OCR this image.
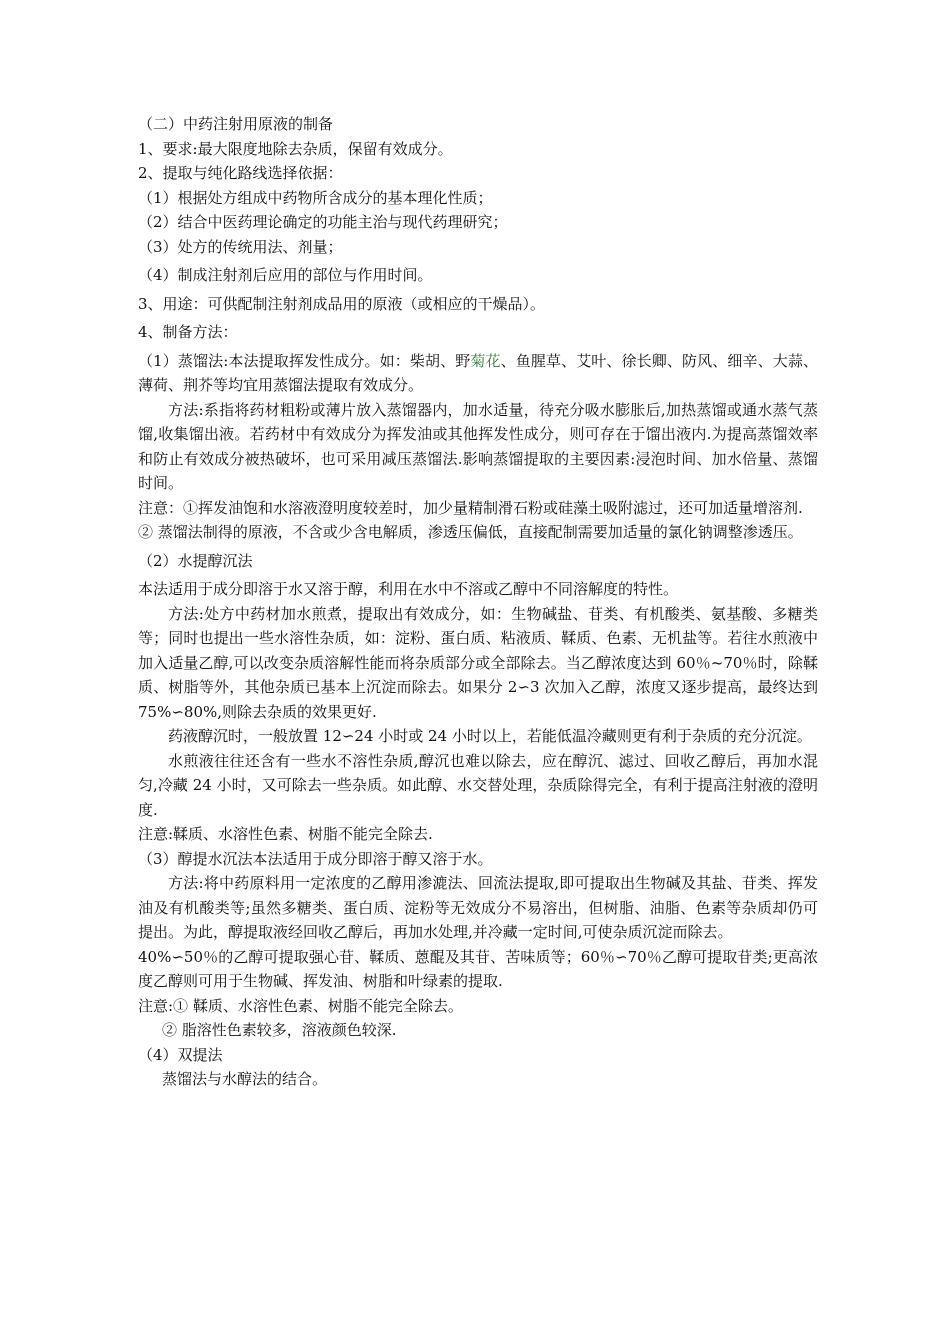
（二）中药注射用原液的制备

1、要求:最大限度地除去杂质，保留有效成分。

2、提取与纯化路线选择依据：

（1）根据处方组成中药物所含成分的基本理化性质；

（2）结合中医药理论确定的功能主治与现代药理研究；

（3）处方的传统用法、剂量；

（4）制成注射剂后应用的部位与作用时间。

3、用途：可供配制注射剂成品用的原液（或相应的干燥品）。

4、制备方法：

（1）蒸馏法:本法提取挥发性成分。如：柴胡、野菊花、鱼腥草、艾叶、徐长卿、防风、细辛、大蒜、薄荷、荆芥等均宜用蒸馏法提取有效成分。

方法:系指将药材粗粉或薄片放入蒸馏器内，加水适量，待充分吸水膨胀后,加热蒸馏或通水蒸气蒸馏,收集馏出液。若药材中有效成分为挥发油或其他挥发性成分，则可存在于馏出液内.为提高蒸馏效率和防止有效成分被热破坏，也可采用减压蒸馏法.影响蒸馏提取的主要因素:浸泡时间、加水倍量、蒸馏时间。

注意：①挥发油饱和水溶液澄明度较差时，加少量精制滑石粉或硅藻土吸附滤过，还可加适量增溶剂.

② 蒸馏法制得的原液，不含或少含电解质，渗透压偏低，直接配制需要加适量的氯化钠调整渗透压。

（2）水提醇沉法

本法适用于成分即溶于水又溶于醇，利用在水中不溶或乙醇中不同溶解度的特性。

方法:处方中药材加水煎煮，提取出有效成分，如：生物碱盐、苷类、有机酸类、氨基酸、多糖类等；同时也提出一些水溶性杂质，如：淀粉、蛋白质、粘液质、鞣质、色素、无机盐等。若往水煎液中加入适量乙醇,可以改变杂质溶解性能而将杂质部分或全部除去。当乙醇浓度达到 60％~70％时，除鞣质、树脂等外，其他杂质已基本上沉淀而除去。如果分 2∽3 次加入乙醇，浓度又逐步提高，最终达到 75%∽80%,则除去杂质的效果更好.

药液醇沉时，一般放置 12∽24 小时或 24 小时以上，若能低温冷藏则更有利于杂质的充分沉淀。

水煎液往往还含有一些水不溶性杂质,醇沉也难以除去，应在醇沉、滤过、回收乙醇后，再加水混匀,冷藏 24 小时，又可除去一些杂质。如此醇、水交替处理，杂质除得完全，有利于提高注射液的澄明度.

注意:鞣质、水溶性色素、树脂不能完全除去.

（3）醇提水沉法本法适用于成分即溶于醇又溶于水。

方法:将中药原料用一定浓度的乙醇用渗漉法、回流法提取,即可提取出生物碱及其盐、苷类、挥发油及有机酸类等;虽然多糖类、蛋白质、淀粉等无效成分不易溶出，但树脂、油脂、色素等杂质却仍可提出。为此，醇提取液经回收乙醇后，再加水处理,并冷藏一定时间,可使杂质沉淀而除去。

40%∽50％的乙醇可提取强心苷、鞣质、蒽醌及其苷、苦味质等；60％∽70％乙醇可提取苷类;更高浓度乙醇则可用于生物碱、挥发油、树脂和叶绿素的提取.

注意:① 鞣质、水溶性色素、树脂不能完全除去。

② 脂溶性色素较多，溶液颜色较深.

（4）双提法

蒸馏法与水醇法的结合。
